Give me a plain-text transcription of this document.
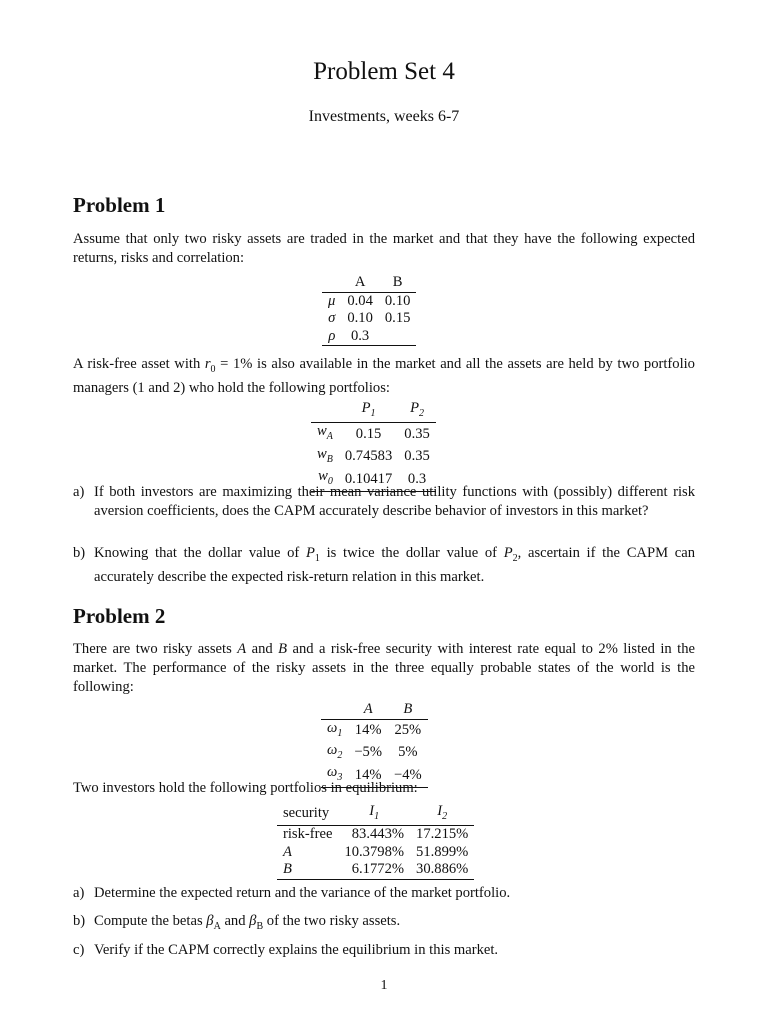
Problem Set 4
Investments, weeks 6-7
Problem 1
Assume that only two risky assets are traded in the market and that they have the following expected returns, risks and correlation:
	A	B
μ	0.04	0.10
σ	0.10	0.15
ρ	0.3	
A risk-free asset with $r_0 = 1\%$ is also available in the market and all the assets are held by two portfolio managers (1 and 2) who hold the following portfolios:
	$P_1$	$P_2$
$w_A$	0.15	0.35
$w_B$	0.74583	0.35
$w_0$	0.10417	0.3
a) If both investors are maximizing their mean variance utility functions with (possibly) different risk aversion coefficients, does the CAPM accurately describe behavior of investors in this market?
b) Knowing that the dollar value of $P_1$ is twice the dollar value of $P_2$, ascertain if the CAPM can accurately describe the expected risk-return relation in this market.
Problem 2
There are two risky assets A and B and a risk-free security with interest rate equal to 2% listed in the market. The performance of the risky assets in the three equally probable states of the world is the following:
	A	B
$\omega_1$	14%	25%
$\omega_2$	−5%	5%
$\omega_3$	14%	−4%
Two investors hold the following portfolios in equilibrium:
security	$I_1$	$I_2$
risk-free	83.443%	17.215%
A	10.3798%	51.899%
B	6.1772%	30.886%
a) Determine the expected return and the variance of the market portfolio.
b) Compute the betas $\beta_A$ and $\beta_B$ of the two risky assets.
c) Verify if the CAPM correctly explains the equilibrium in this market.
1
